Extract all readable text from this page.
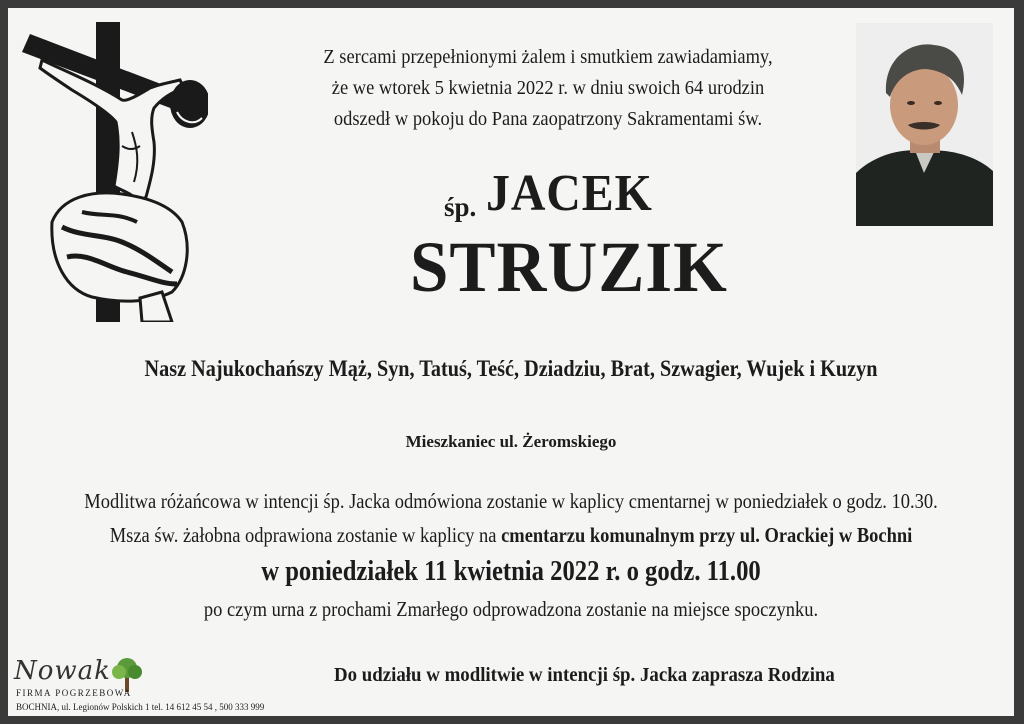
Z sercami przepełnionymi żalem i smutkiem zawiadamiamy,
że we wtorek 5 kwietnia 2022 r. w dniu swoich 64 urodzin
odszedł w pokoju do Pana zaopatrzony Sakramentami św.
śp. JACEK
STRUZIK
Nasz Najukochańszy Mąż, Syn, Tatuś, Teść, Dziadziu, Brat, Szwagier, Wujek i Kuzyn
Mieszkaniec ul. Żeromskiego
Modlitwa różańcowa w intencji śp. Jacka odmówiona zostanie w kaplicy cmentarnej w poniedziałek o godz. 10.30.
Msza św. żałobna odprawiona zostanie w kaplicy na cmentarzu komunalnym przy ul. Orackiej w Bochni
w poniedziałek 11 kwietnia 2022 r. o godz. 11.00
po czym urna z prochami Zmarłego odprowadzona zostanie na miejsce spoczynku.
Nowak
FIRMA POGRZEBOWA
BOCHNIA, ul. Legionów Polskich 1 tel. 14 612 45 54 , 500 333 999
Do udziału w modlitwie w intencji śp. Jacka zaprasza Rodzina
